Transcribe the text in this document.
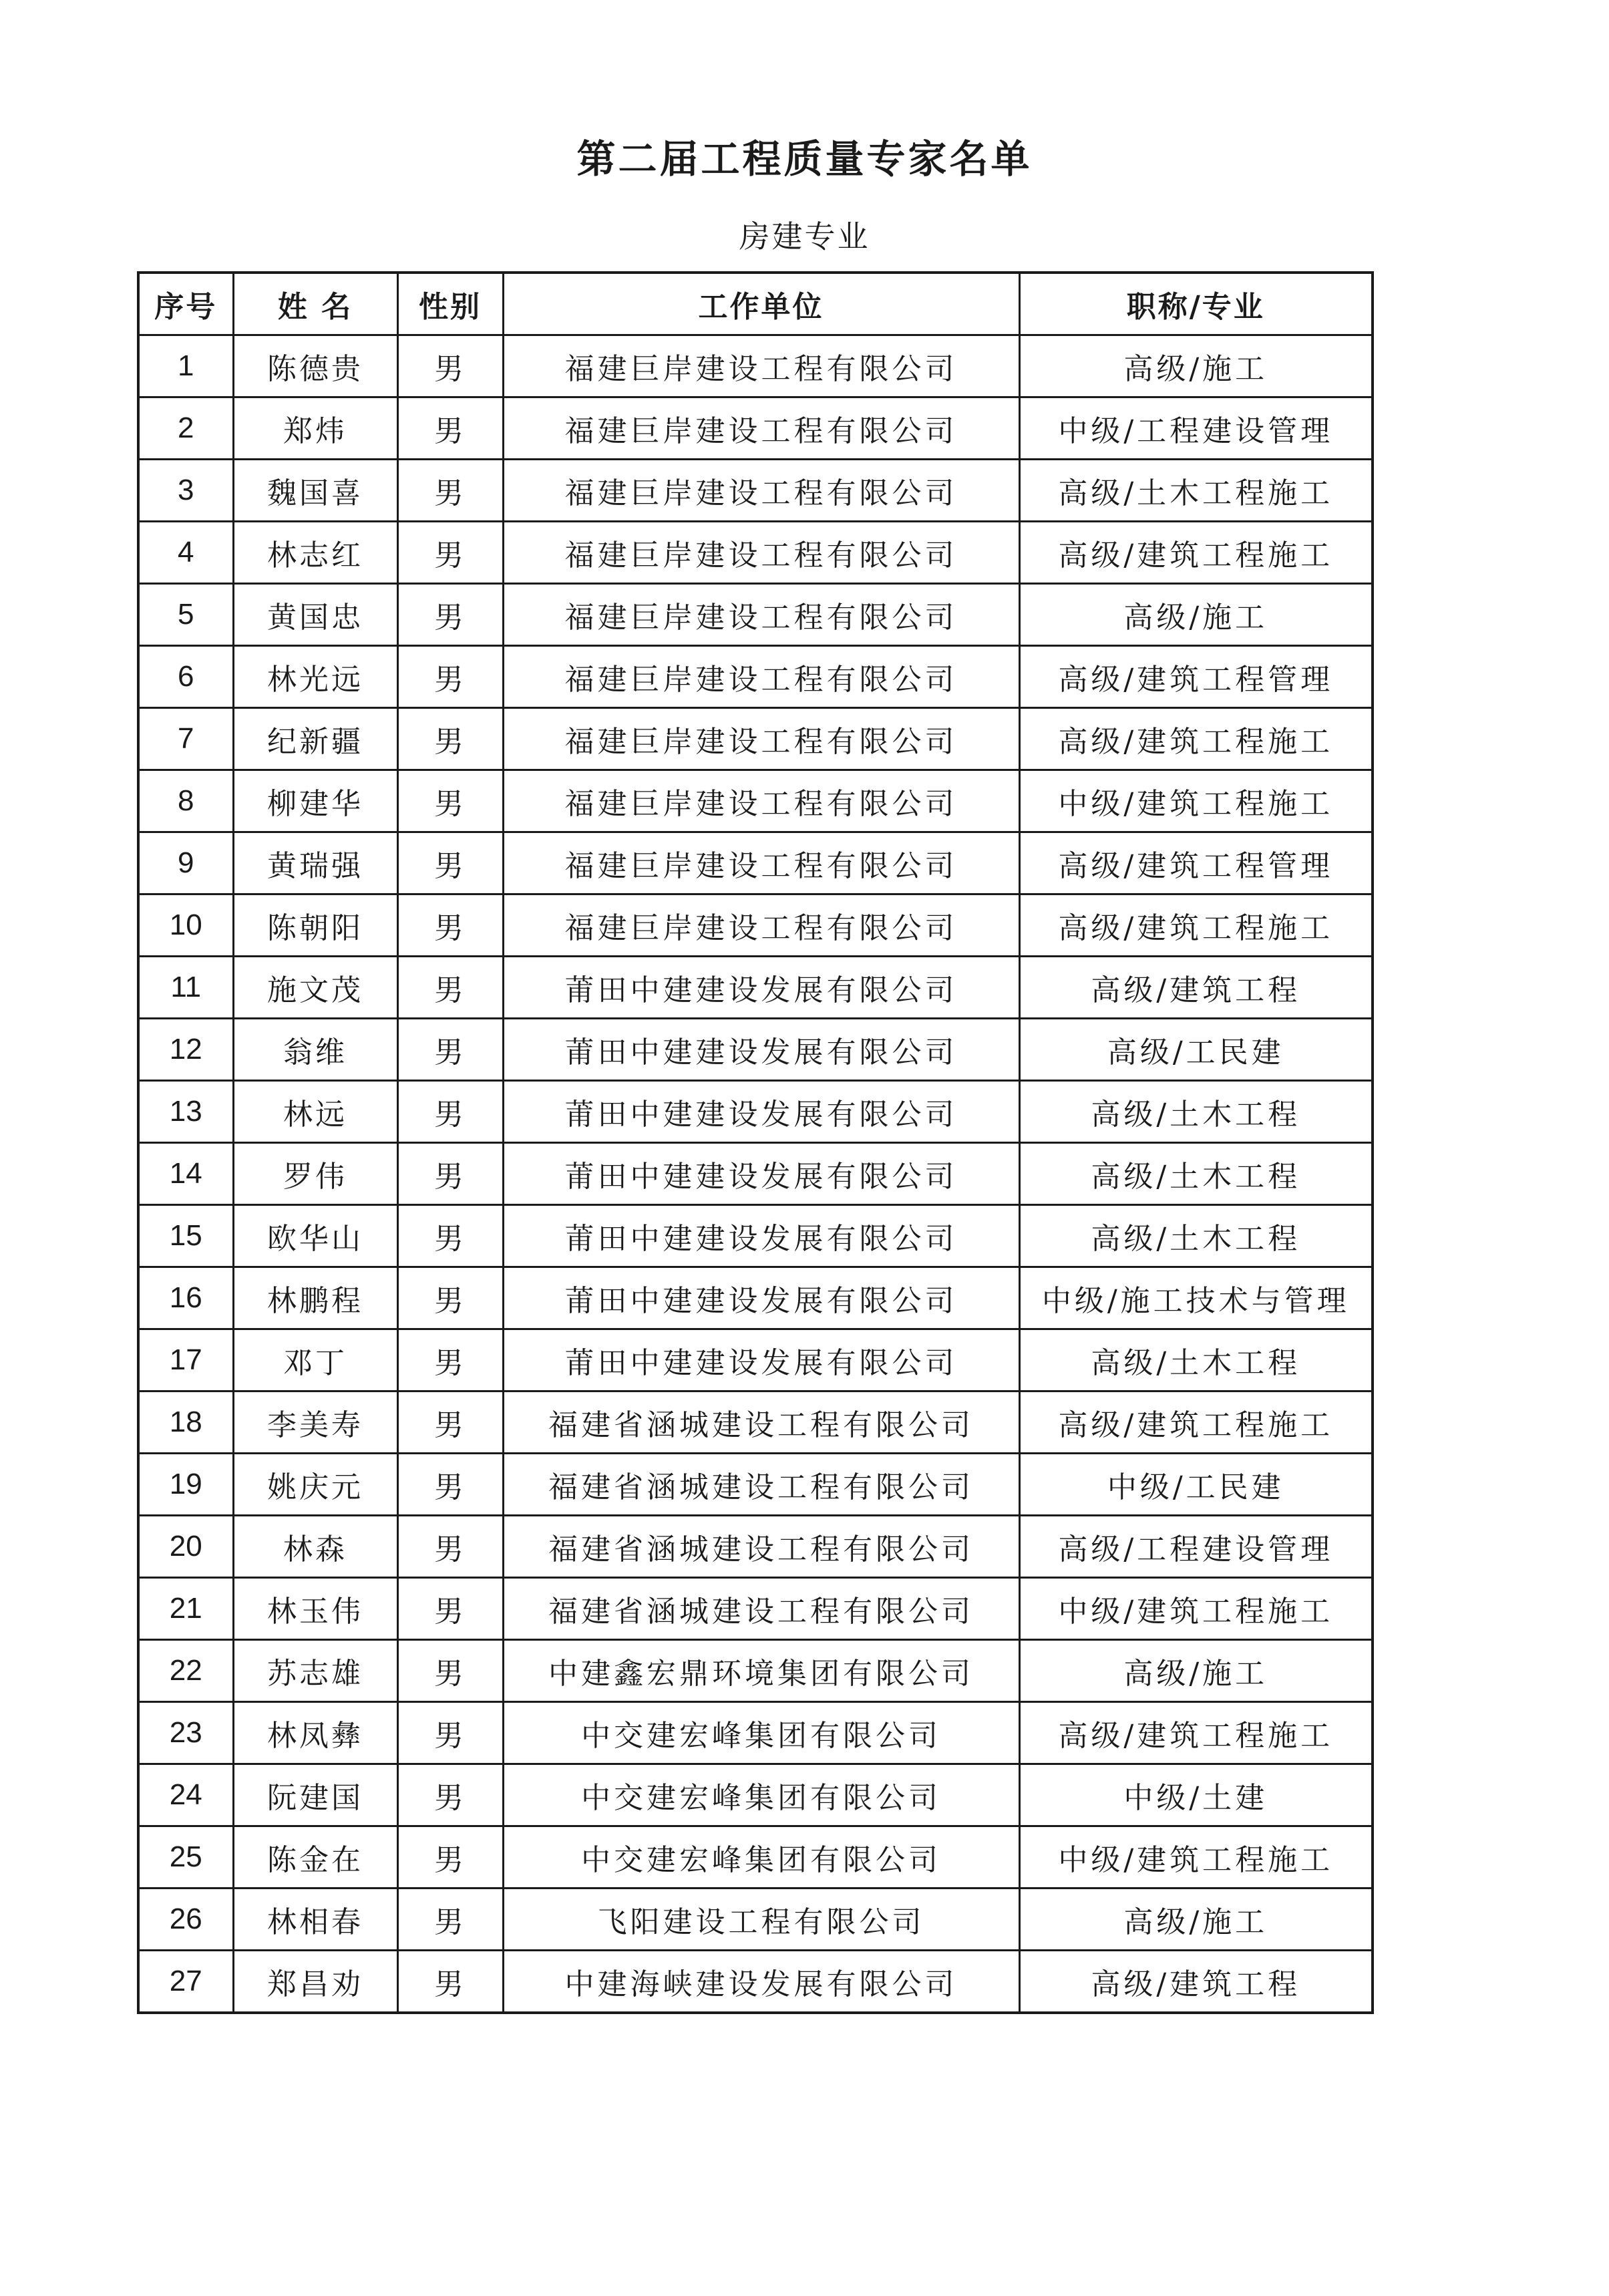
第二届工程质量专家名单
房建专业
序号	姓 名	性别	工作单位	职称/专业
1	陈德贵	男	福建巨岸建设工程有限公司	高级/施工
2	郑炜	男	福建巨岸建设工程有限公司	中级/工程建设管理
3	魏国喜	男	福建巨岸建设工程有限公司	高级/土木工程施工
4	林志红	男	福建巨岸建设工程有限公司	高级/建筑工程施工
5	黄国忠	男	福建巨岸建设工程有限公司	高级/施工
6	林光远	男	福建巨岸建设工程有限公司	高级/建筑工程管理
7	纪新疆	男	福建巨岸建设工程有限公司	高级/建筑工程施工
8	柳建华	男	福建巨岸建设工程有限公司	中级/建筑工程施工
9	黄瑞强	男	福建巨岸建设工程有限公司	高级/建筑工程管理
10	陈朝阳	男	福建巨岸建设工程有限公司	高级/建筑工程施工
11	施文茂	男	莆田中建建设发展有限公司	高级/建筑工程
12	翁维	男	莆田中建建设发展有限公司	高级/工民建
13	林远	男	莆田中建建设发展有限公司	高级/土木工程
14	罗伟	男	莆田中建建设发展有限公司	高级/土木工程
15	欧华山	男	莆田中建建设发展有限公司	高级/土木工程
16	林鹏程	男	莆田中建建设发展有限公司	中级/施工技术与管理
17	邓丁	男	莆田中建建设发展有限公司	高级/土木工程
18	李美寿	男	福建省涵城建设工程有限公司	高级/建筑工程施工
19	姚庆元	男	福建省涵城建设工程有限公司	中级/工民建
20	林森	男	福建省涵城建设工程有限公司	高级/工程建设管理
21	林玉伟	男	福建省涵城建设工程有限公司	中级/建筑工程施工
22	苏志雄	男	中建鑫宏鼎环境集团有限公司	高级/施工
23	林凤彝	男	中交建宏峰集团有限公司	高级/建筑工程施工
24	阮建国	男	中交建宏峰集团有限公司	中级/土建
25	陈金在	男	中交建宏峰集团有限公司	中级/建筑工程施工
26	林相春	男	飞阳建设工程有限公司	高级/施工
27	郑昌劝	男	中建海峡建设发展有限公司	高级/建筑工程
